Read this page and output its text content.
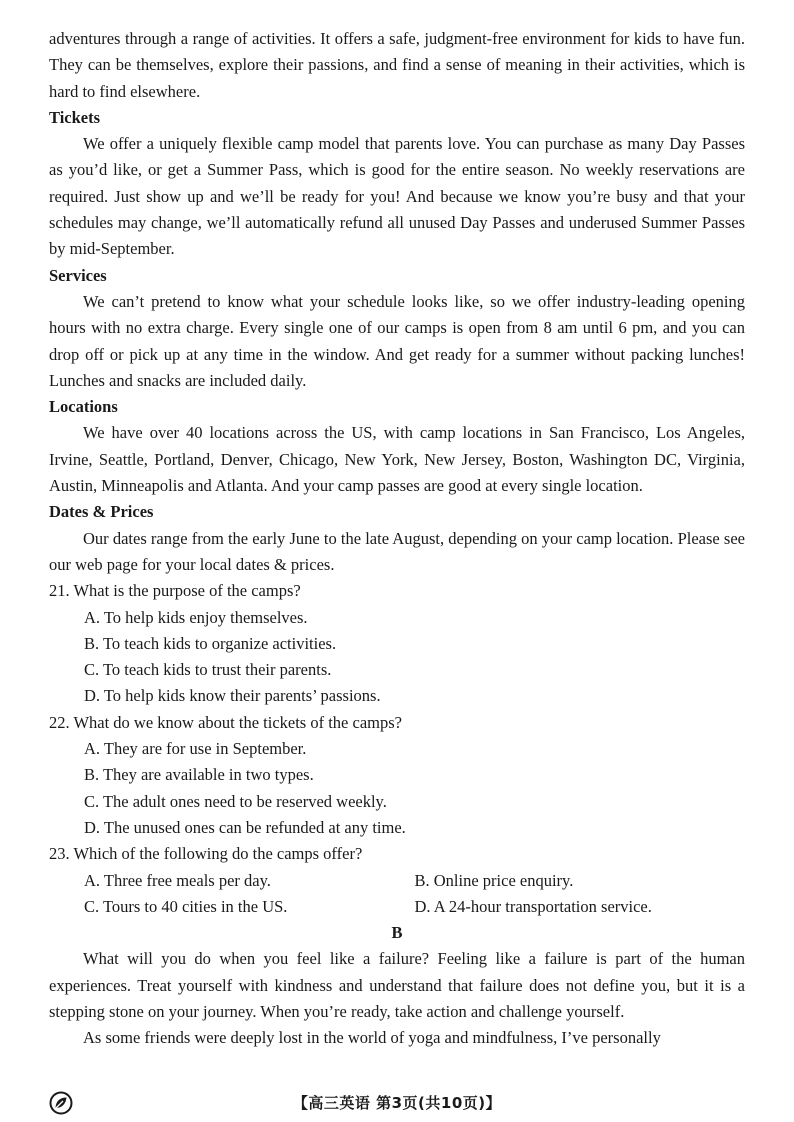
adventures through a range of activities. It offers a safe, judgment-free environment for kids to have fun. They can be themselves, explore their passions, and find a sense of meaning in their activities, which is hard to find elsewhere.

Tickets

We offer a uniquely flexible camp model that parents love. You can purchase as many Day Passes as you’d like, or get a Summer Pass, which is good for the entire season. No weekly reservations are required. Just show up and we’ll be ready for you! And because we know you’re busy and that your schedules may change, we’ll automatically refund all unused Day Passes and underused Summer Passes by mid-September.

Services

We can’t pretend to know what your schedule looks like, so we offer industry-leading opening hours with no extra charge. Every single one of our camps is open from 8 am until 6 pm, and you can drop off or pick up at any time in the window. And get ready for a summer without packing lunches! Lunches and snacks are included daily.

Locations

We have over 40 locations across the US, with camp locations in San Francisco, Los Angeles, Irvine, Seattle, Portland, Denver, Chicago, New York, New Jersey, Boston, Washington DC, Virginia, Austin, Minneapolis and Atlanta. And your camp passes are good at every single location.

Dates & Prices

Our dates range from the early June to the late August, depending on your camp location. Please see our web page for your local dates & prices.

21. What is the purpose of the camps?

A. To help kids enjoy themselves.

B. To teach kids to organize activities.

C. To teach kids to trust their parents.

D. To help kids know their parents’ passions.

22. What do we know about the tickets of the camps?

A. They are for use in September.

B. They are available in two types.

C. The adult ones need to be reserved weekly.

D. The unused ones can be refunded at any time.

23. Which of the following do the camps offer?

A. Three free meals per day.	B. Online price enquiry.
C. Tours to 40 cities in the US.	D. A 24-hour transportation service.

B

What will you do when you feel like a failure? Feeling like a failure is part of the human experiences. Treat yourself with kindness and understand that failure does not define you, but it is a stepping stone on your journey. When you’re ready, take action and challenge yourself.

As some friends were deeply lost in the world of yoga and mindfulness, I’ve personally

【高三英语 第3页(共10页)】
